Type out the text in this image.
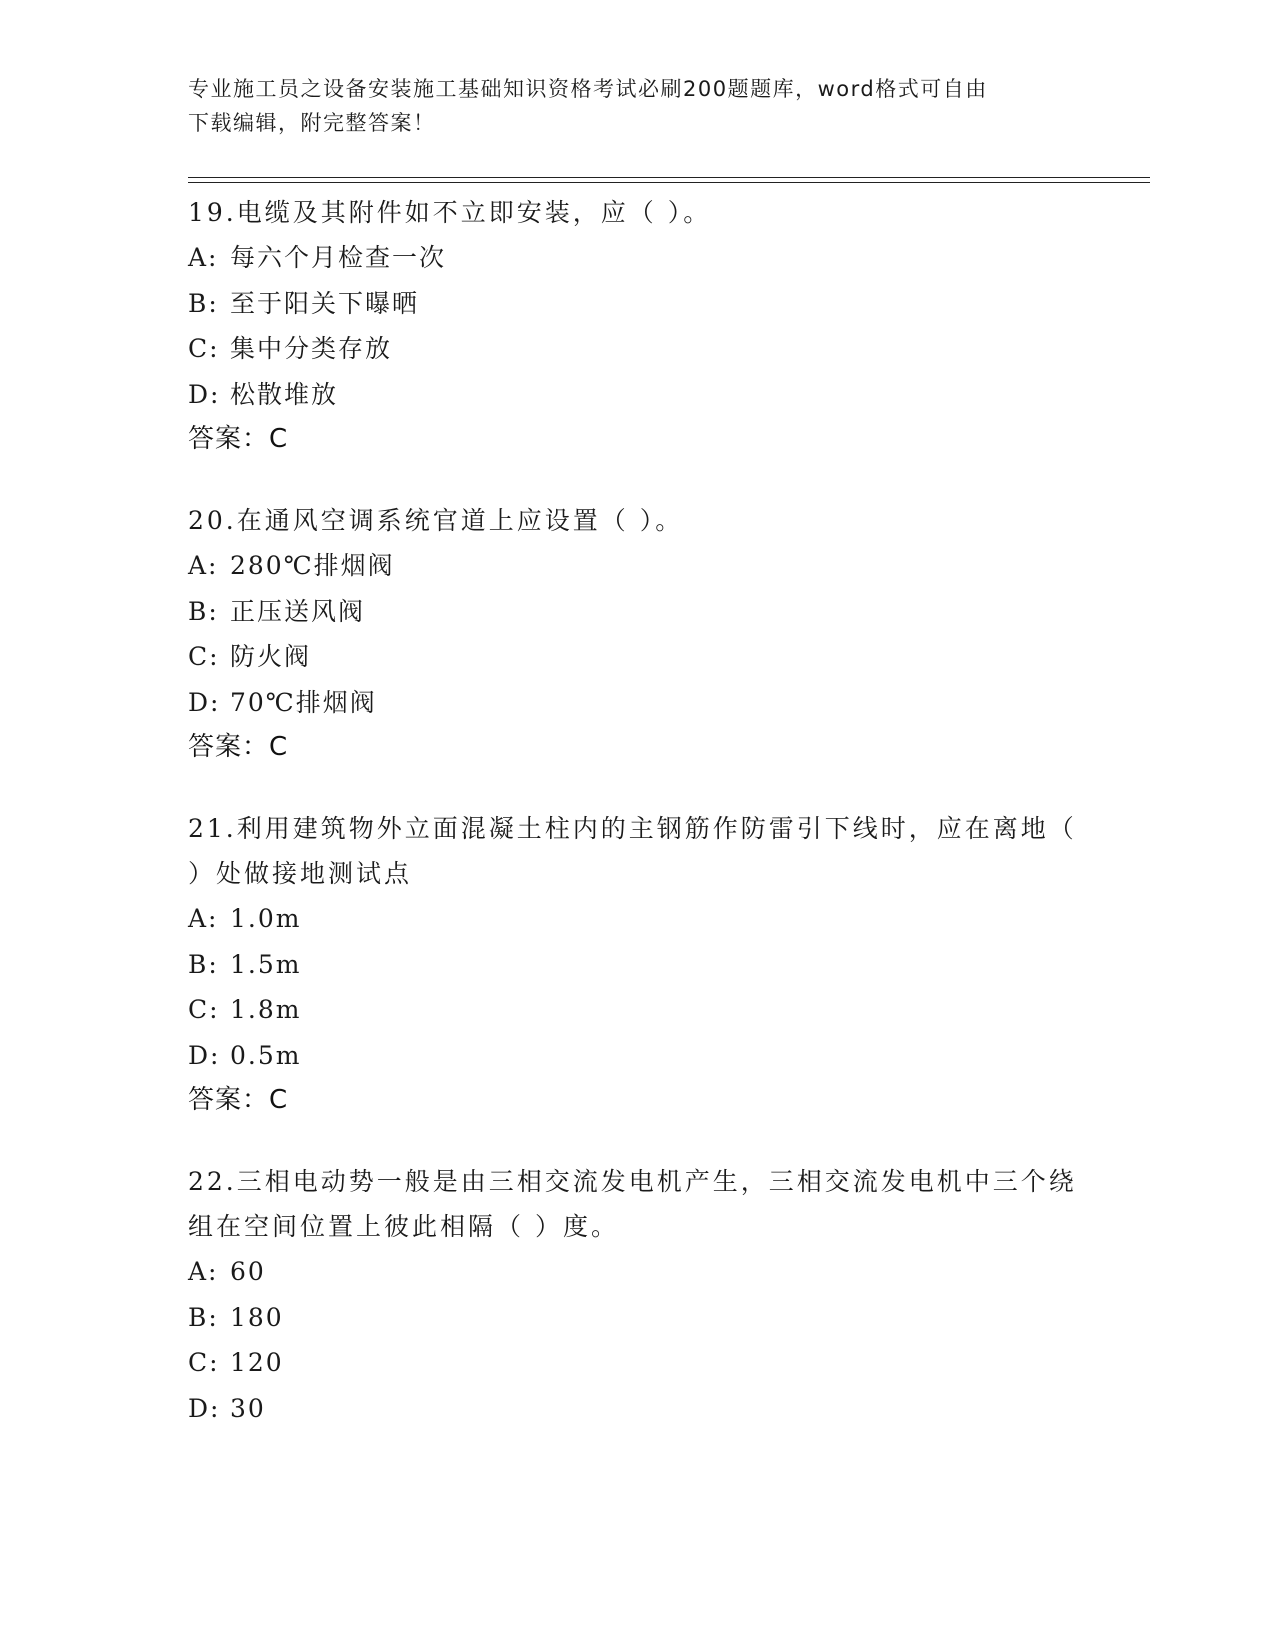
专业施工员之设备安装施工基础知识资格考试必刷200题题库，word格式可自由
下载编辑，附完整答案！

19.电缆及其附件如不立即安装，应（ ）。

A: 每六个月检查一次

B: 至于阳关下曝晒

C: 集中分类存放

D: 松散堆放

答案：C

20.在通风空调系统官道上应设置（ ）。

A: 280℃排烟阀

B: 正压送风阀

C: 防火阀

D: 70℃排烟阀

答案：C

21.利用建筑物外立面混凝土柱内的主钢筋作防雷引下线时，应在离地（ ）处做接地测试点

A: 1.0m

B: 1.5m

C: 1.8m

D: 0.5m

答案：C

22.三相电动势一般是由三相交流发电机产生，三相交流发电机中三个绕组在空间位置上彼此相隔（ ）度。

A: 60

B: 180

C: 120

D: 30
